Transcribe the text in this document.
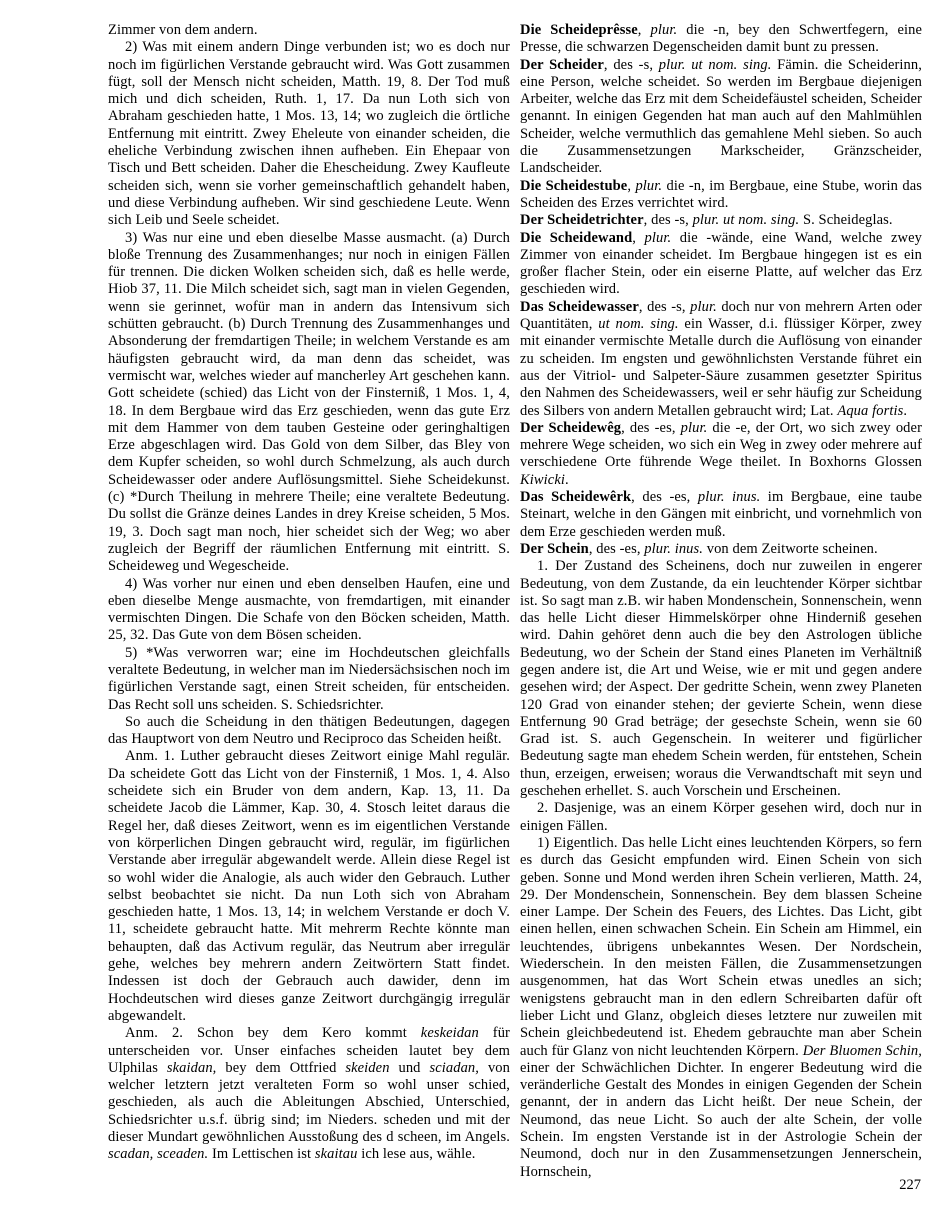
Zimmer von dem andern.

2) Was mit einem andern Dinge verbunden ist; wo es doch nur noch im figürlichen Verstande gebraucht wird. Was Gott zusammen fügt, soll der Mensch nicht scheiden, Matth. 19, 8. Der Tod muß mich und dich scheiden, Ruth. 1, 17. Da nun Loth sich von Abraham geschieden hatte, 1 Mos. 13, 14; wo zugleich die örtliche Entfernung mit eintritt. Zwey Eheleute von einander scheiden, die eheliche Verbindung zwischen ihnen aufheben. Ein Ehepaar von Tisch und Bett scheiden. Daher die Ehescheidung. Zwey Kaufleute scheiden sich, wenn sie vorher gemeinschaftlich gehandelt haben, und diese Verbindung aufheben. Wir sind geschiedene Leute. Wenn sich Leib und Seele scheidet.

3) Was nur eine und eben dieselbe Masse ausmacht. (a) Durch bloße Trennung des Zusammenhanges; nur noch in einigen Fällen für trennen. Die dicken Wolken scheiden sich, daß es helle werde, Hiob 37, 11. Die Milch scheidet sich, sagt man in vielen Gegenden, wenn sie gerinnet, wofür man in andern das Intensivum sich schütten gebraucht. (b) Durch Trennung des Zusammenhanges und Absonderung der fremdartigen Theile; in welchem Verstande es am häufigsten gebraucht wird, da man denn das scheidet, was vermischt war, welches wieder auf mancherley Art geschehen kann. Gott scheidete (schied) das Licht von der Finsterniß, 1 Mos. 1, 4, 18. In dem Bergbaue wird das Erz geschieden, wenn das gute Erz mit dem Hammer von dem tauben Gesteine oder geringhaltigen Erze abgeschlagen wird. Das Gold von dem Silber, das Bley von dem Kupfer scheiden, so wohl durch Schmelzung, als auch durch Scheidewasser oder andere Auflösungsmittel. Siehe Scheidekunst. (c) *Durch Theilung in mehrere Theile; eine veraltete Bedeutung. Du sollst die Gränze deines Landes in drey Kreise scheiden, 5 Mos. 19, 3. Doch sagt man noch, hier scheidet sich der Weg; wo aber zugleich der Begriff der räumlichen Entfernung mit eintritt. S. Scheideweg und Wegescheide.

4) Was vorher nur einen und eben denselben Haufen, eine und eben dieselbe Menge ausmachte, von fremdartigen, mit einander vermischten Dingen. Die Schafe von den Böcken scheiden, Matth. 25, 32. Das Gute von dem Bösen scheiden.

5) *Was verworren war; eine im Hochdeutschen gleichfalls veraltete Bedeutung, in welcher man im Niedersächsischen noch im figürlichen Verstande sagt, einen Streit scheiden, für entscheiden. Das Recht soll uns scheiden. S. Schiedsrichter.

So auch die Scheidung in den thätigen Bedeutungen, dagegen das Hauptwort von dem Neutro und Reciproco das Scheiden heißt.

Anm. 1. Luther gebraucht dieses Zeitwort einige Mahl regulär. Da scheidete Gott das Licht von der Finsterniß, 1 Mos. 1, 4. Also scheidete sich ein Bruder von dem andern, Kap. 13, 11. Da scheidete Jacob die Lämmer, Kap. 30, 4. Stosch leitet daraus die Regel her, daß dieses Zeitwort, wenn es im eigentlichen Verstande von körperlichen Dingen gebraucht wird, regulär, im figürlichen Verstande aber irregulär abgewandelt werde. Allein diese Regel ist so wohl wider die Analogie, als auch wider den Gebrauch. Luther selbst beobachtet sie nicht. Da nun Loth sich von Abraham geschieden hatte, 1 Mos. 13, 14; in welchem Verstande er doch V. 11, scheidete gebraucht hatte. Mit mehrerm Rechte könnte man behaupten, daß das Activum regulär, das Neutrum aber irregulär gehe, welches bey mehrern andern Zeitwörtern Statt findet. Indessen ist doch der Gebrauch auch dawider, denn im Hochdeutschen wird dieses ganze Zeitwort durchgängig irregulär abgewandelt.

Anm. 2. Schon bey dem Kero kommt keskeidan für unterscheiden vor. Unser einfaches scheiden lautet bey dem Ulphilas skaidan, bey dem Ottfried skeiden und sciadan, von welcher letztern jetzt veralteten Form so wohl unser schied, geschieden, als auch die Ableitungen Abschied, Unterschied, Schiedsrichter u.s.f. übrig sind; im Nieders. scheden und mit der dieser Mundart gewöhnlichen Ausstoßung des d scheen, im Angels. scadan, sceaden. Im Lettischen ist skaitau ich lese aus, wähle.

Die Scheideprêsse, plur. die -n, bey den Schwertfegern, eine Presse, die schwarzen Degenscheiden damit bunt zu pressen.

Der Scheider, des -s, plur. ut nom. sing. Fämin. die Scheiderinn, eine Person, welche scheidet. So werden im Bergbaue diejenigen Arbeiter, welche das Erz mit dem Scheidefäustel scheiden, Scheider genannt. In einigen Gegenden hat man auch auf den Mahlmühlen Scheider, welche vermuthlich das gemahlene Mehl sieben. So auch die Zusammensetzungen Markscheider, Gränzscheider, Landscheider.

Die Scheidestube, plur. die -n, im Bergbaue, eine Stube, worin das Scheiden des Erzes verrichtet wird.

Der Scheidetrichter, des -s, plur. ut nom. sing. S. Scheideglas.

Die Scheidewand, plur. die -wände, eine Wand, welche zwey Zimmer von einander scheidet. Im Bergbaue hingegen ist es ein großer flacher Stein, oder ein eiserne Platte, auf welcher das Erz geschieden wird.

Das Scheidewasser, des -s, plur. doch nur von mehrern Arten oder Quantitäten, ut nom. sing. ein Wasser, d.i. flüssiger Körper, zwey mit einander vermischte Metalle durch die Auflösung von einander zu scheiden. Im engsten und gewöhnlichsten Verstande führet ein aus der Vitriol- und Salpeter-Säure zusammen gesetzter Spiritus den Nahmen des Scheidewassers, weil er sehr häufig zur Scheidung des Silbers von andern Metallen gebraucht wird; Lat. Aqua fortis.

Der Scheidewêg, des -es, plur. die -e, der Ort, wo sich zwey oder mehrere Wege scheiden, wo sich ein Weg in zwey oder mehrere auf verschiedene Orte führende Wege theilet. In Boxhorns Glossen Kiwicki.

Das Scheidewêrk, des -es, plur. inus. im Bergbaue, eine taube Steinart, welche in den Gängen mit einbricht, und vornehmlich von dem Erze geschieden werden muß.

Der Schein, des -es, plur. inus. von dem Zeitworte scheinen.

1. Der Zustand des Scheinens, doch nur zuweilen in engerer Bedeutung, von dem Zustande, da ein leuchtender Körper sichtbar ist. So sagt man z.B. wir haben Mondenschein, Sonnenschein, wenn das helle Licht dieser Himmelskörper ohne Hinderniß gesehen wird. Dahin gehöret denn auch die bey den Astrologen übliche Bedeutung, wo der Schein der Stand eines Planeten im Verhältniß gegen andere ist, die Art und Weise, wie er mit und gegen andere gesehen wird; der Aspect. Der gedritte Schein, wenn zwey Planeten 120 Grad von einander stehen; der gevierte Schein, wenn diese Entfernung 90 Grad beträge; der gesechste Schein, wenn sie 60 Grad ist. S. auch Gegenschein. In weiterer und figürlicher Bedeutung sagte man ehedem Schein werden, für entstehen, Schein thun, erzeigen, erweisen; woraus die Verwandtschaft mit seyn und geschehen erhellet. S. auch Vorschein und Erscheinen.

2. Dasjenige, was an einem Körper gesehen wird, doch nur in einigen Fällen.

1) Eigentlich. Das helle Licht eines leuchtenden Körpers, so fern es durch das Gesicht empfunden wird. Einen Schein von sich geben. Sonne und Mond werden ihren Schein verlieren, Matth. 24, 29. Der Mondenschein, Sonnenschein. Bey dem blassen Scheine einer Lampe. Der Schein des Feuers, des Lichtes. Das Licht, gibt einen hellen, einen schwachen Schein. Ein Schein am Himmel, ein leuchtendes, übrigens unbekanntes Wesen. Der Nordschein, Wiederschein. In den meisten Fällen, die Zusammensetzungen ausgenommen, hat das Wort Schein etwas unedles an sich; wenigstens gebraucht man in den edlern Schreibarten dafür oft lieber Licht und Glanz, obgleich dieses letztere nur zuweilen mit Schein gleichbedeutend ist. Ehedem gebrauchte man aber Schein auch für Glanz von nicht leuchtenden Körpern. Der Bluomen Schin, einer der Schwächlichen Dichter. In engerer Bedeutung wird die veränderliche Gestalt des Mondes in einigen Gegenden der Schein genannt, der in andern das Licht heißt. Der neue Schein, der Neumond, das neue Licht. So auch der alte Schein, der volle Schein. Im engsten Verstande ist in der Astrologie Schein der Neumond, doch nur in den Zusammensetzungen Jennerschein, Hornschein,

227
